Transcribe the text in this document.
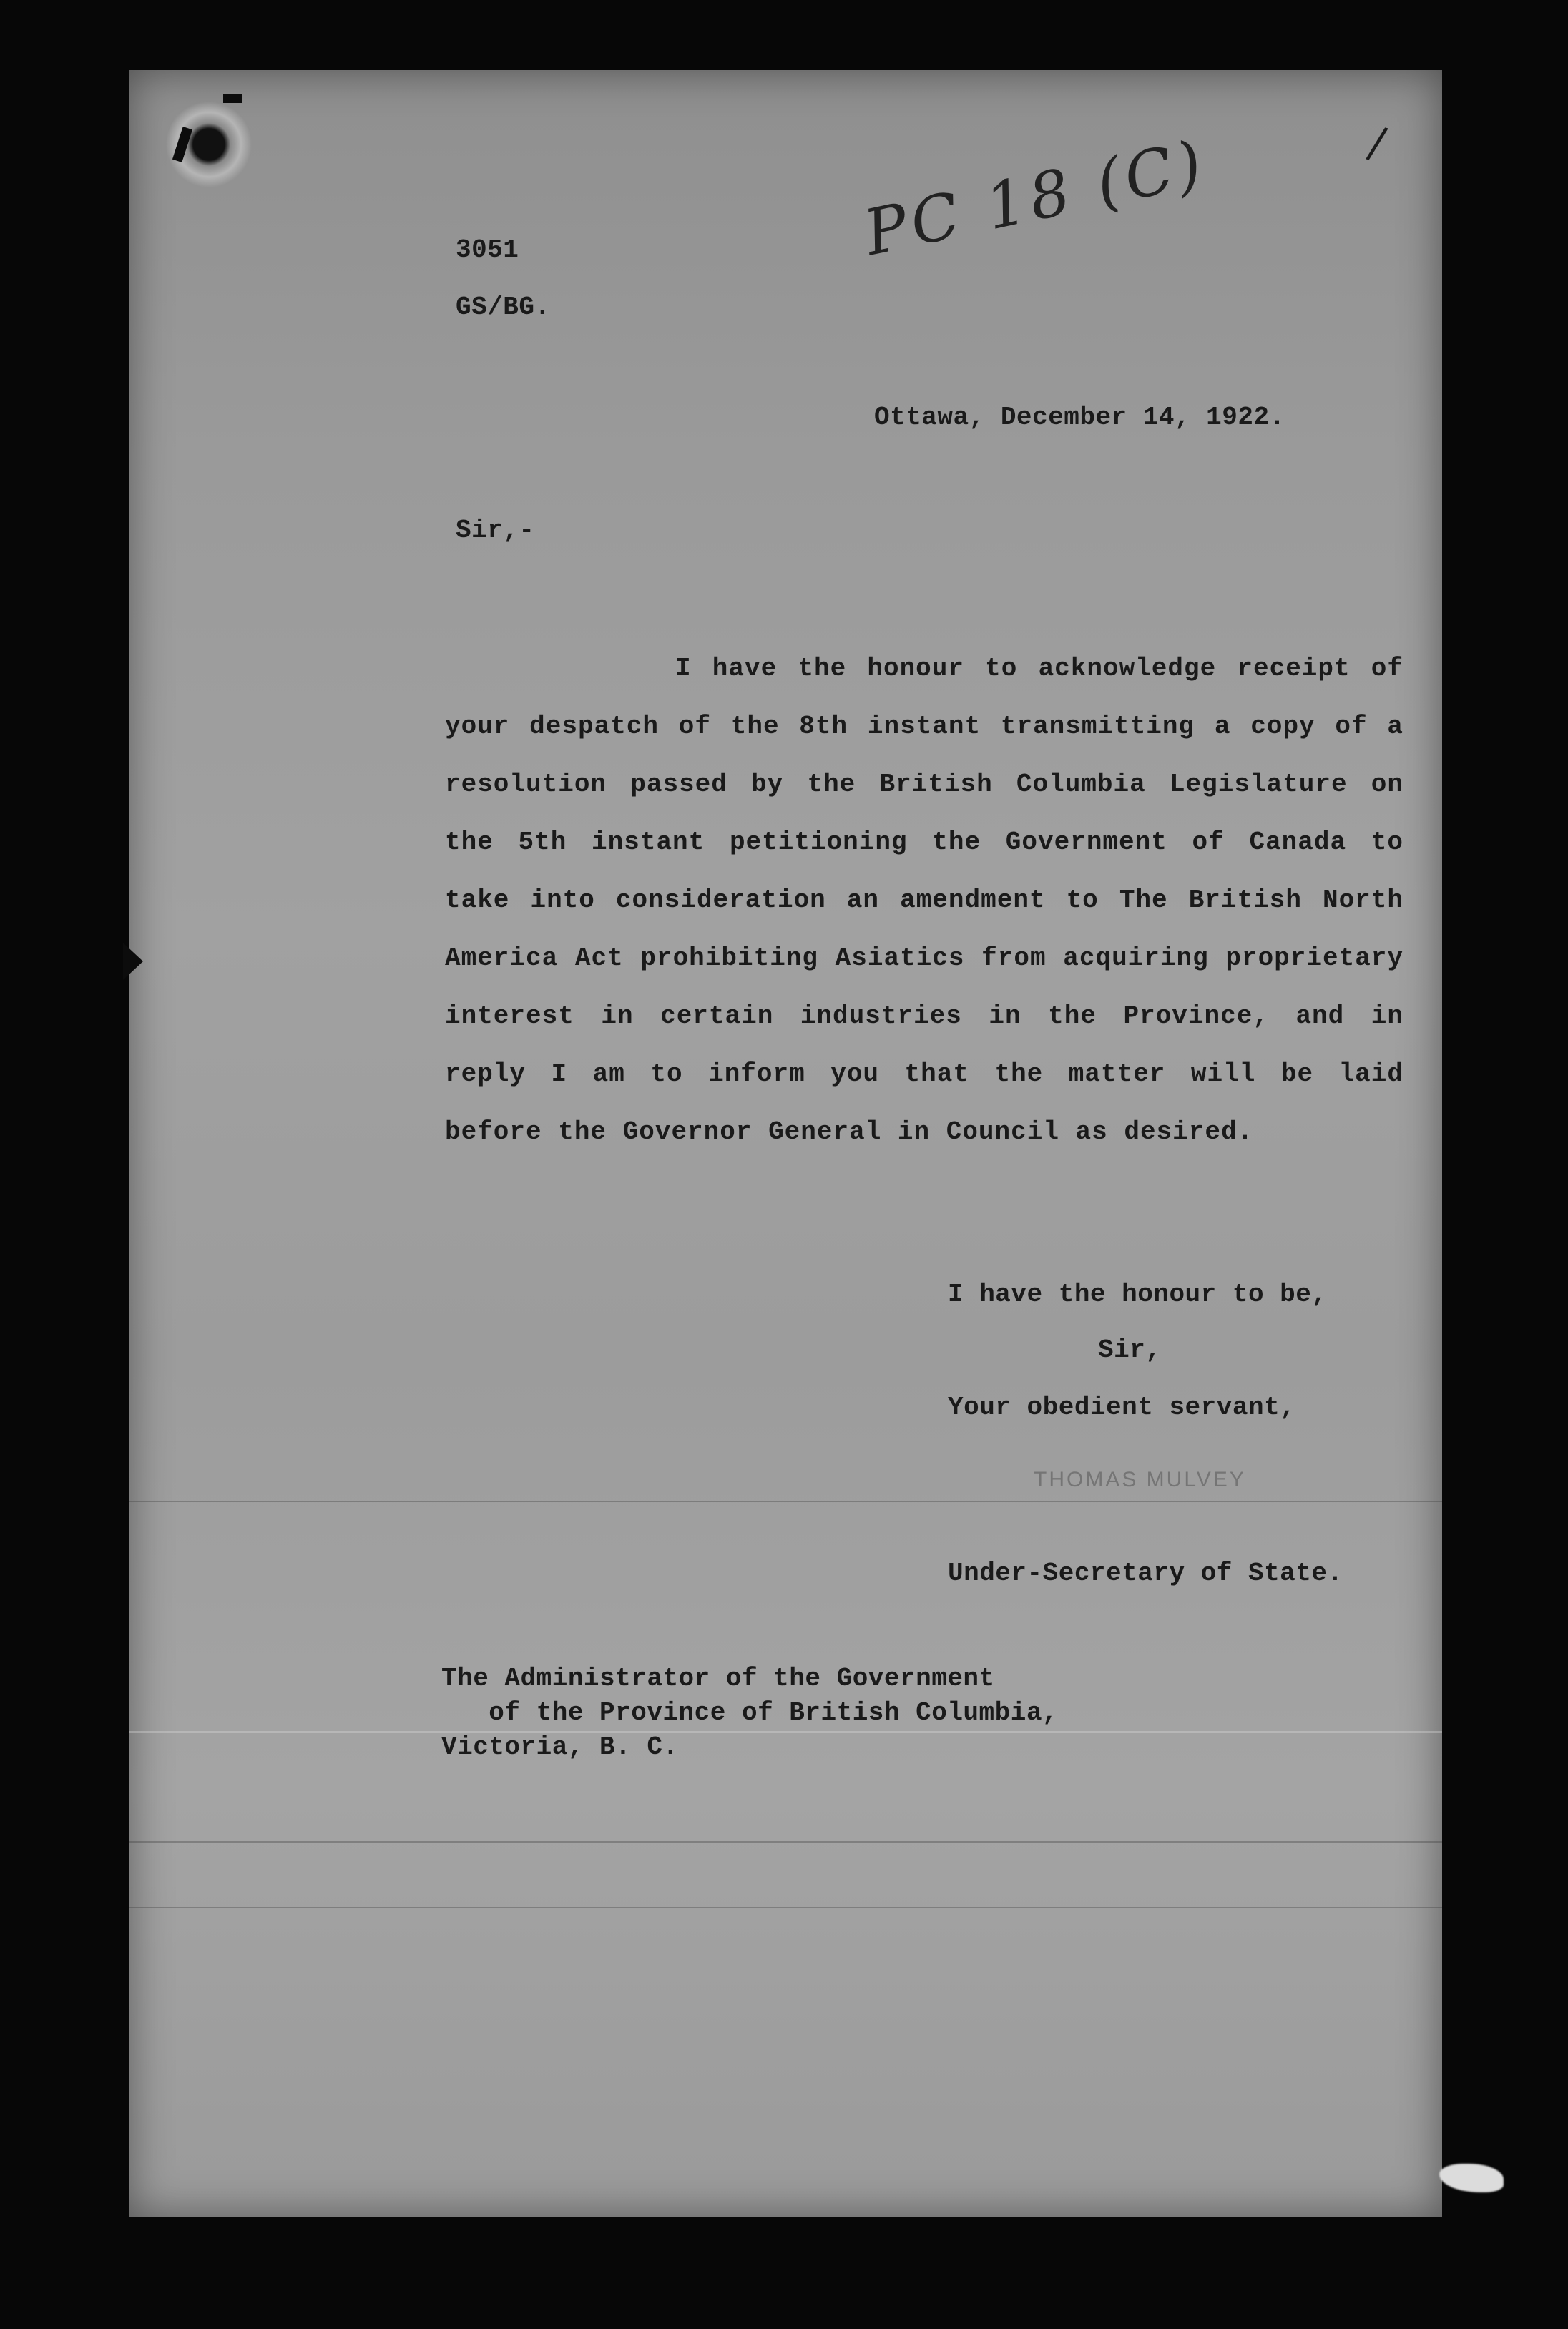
PC 18 (C)	/
3051
GS/BG.
Ottawa, December 14, 1922.
Sir,-
I have the honour to acknowledge receipt of your despatch of the 8th instant transmitting a copy of a resolution passed by the British Columbia Legislature on the 5th instant petitioning the Government of Canada to take into consideration an amendment to The British North America Act prohibiting Asiatics from acquiring proprietary interest in certain industries in the Province, and in reply I am to inform you that the matter will be laid before the Governor General in Council as desired.
I have the honour to be,
Sir,
Your obedient servant,
THOMAS MULVEY
Under-Secretary of State.
The Administrator of the Government
of the Province of British Columbia,
Victoria, B. C.
